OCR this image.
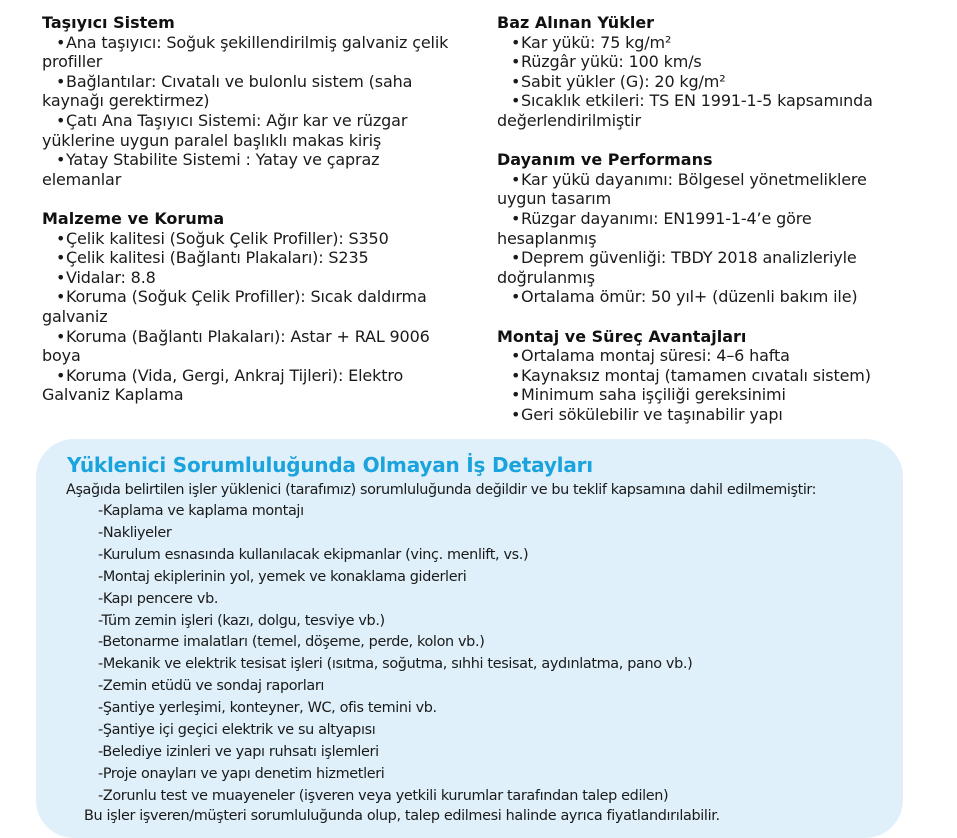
Taşıyıcı Sistem
• Ana taşıyıcı: Soğuk şekillendirilmiş galvaniz çelik profiller
• Bağlantılar: Cıvatalı ve bulonlu sistem (saha kaynağı gerektirmez)
• Çatı Ana Taşıyıcı Sistemi: Ağır kar ve rüzgar yüklerine uygun paralel başlıklı makas kiriş
• Yatay Stabilite Sistemi : Yatay ve çapraz elemanlar
Malzeme ve Koruma
• Çelik kalitesi (Soğuk Çelik Profiller): S350
• Çelik kalitesi (Bağlantı Plakaları): S235
• Vidalar: 8.8
• Koruma (Soğuk Çelik Profiller): Sıcak daldırma galvaniz
• Koruma (Bağlantı Plakaları): Astar + RAL 9006 boya
• Koruma (Vida, Gergi, Ankraj Tijleri): Elektro Galvaniz Kaplama
Baz Alınan Yükler
• Kar yükü: 75 kg/m²
• Rüzgâr yükü: 100 km/s
• Sabit yükler (G): 20 kg/m²
• Sıcaklık etkileri: TS EN 1991-1-5 kapsamında değerlendirilmiştir
Dayanım ve Performans
• Kar yükü dayanımı: Bölgesel yönetmeliklere uygun tasarım
• Rüzgar dayanımı: EN1991-1-4’e göre hesaplanmış
• Deprem güvenliği: TBDY 2018 analizleriyle doğrulanmış
• Ortalama ömür: 50 yıl+ (düzenli bakım ile)
Montaj ve Süreç Avantajları
• Ortalama montaj süresi: 4–6 hafta
• Kaynaksız montaj (tamamen cıvatalı sistem)
• Minimum saha işçiliği gereksinimi
• Geri sökülebilir ve taşınabilir yapı
Yüklenici Sorumluluğunda Olmayan İş Detayları
Aşağıda belirtilen işler yüklenici (tarafımız) sorumluluğunda değildir ve bu teklif kapsamına dahil edilmemiştir:
- Kaplama ve kaplama montajı
- Nakliyeler
- Kurulum esnasında kullanılacak ekipmanlar (vinç. menlift, vs.)
- Montaj ekiplerinin yol, yemek ve konaklama giderleri
- Kapı pencere vb.
- Tüm zemin işleri (kazı, dolgu, tesviye vb.)
- Betonarme imalatları (temel, döşeme, perde, kolon vb.)
- Mekanik ve elektrik tesisat işleri (ısıtma, soğutma, sıhhi tesisat, aydınlatma, pano vb.)
- Zemin etüdü ve sondaj raporları
- Şantiye yerleşimi, konteyner, WC, ofis temini vb.
- Şantiye içi geçici elektrik ve su altyapısı
- Belediye izinleri ve yapı ruhsatı işlemleri
- Proje onayları ve yapı denetim hizmetleri
- Zorunlu test ve muayeneler (işveren veya yetkili kurumlar tarafından talep edilen)
Bu işler işveren/müşteri sorumluluğunda olup, talep edilmesi halinde ayrıca fiyatlandırılabilir.
